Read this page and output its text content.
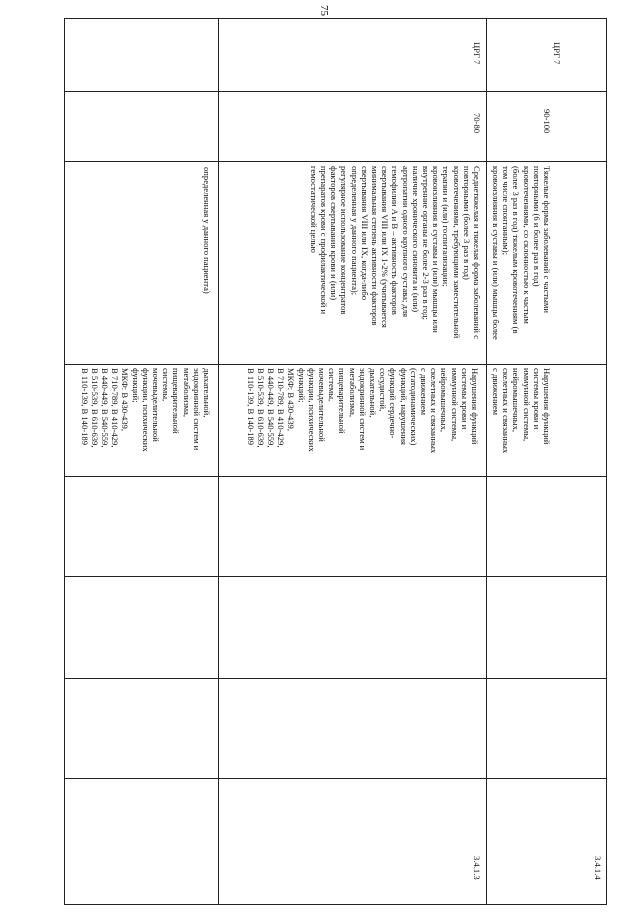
75
дыхательной,
эндокринной систем и
метаболизма,
пищеварительной
системы,
мочевыделительной
функции, психических
функций;
МКФ: B 430-439,
B 710-789, B 410-429,
B 440-449, B 540-559,
B 510-539, B 610-639,
B 110-139, B 140-189
определенная у данного пациента)
3.4.1.3
Нарушения функций
системы крови и
иммунной системы,
нейромышечных,
скелетных и связанных
с движением
(статодинамических)
функций, нарушения
функций сердечно-
сосудистой,
дыхательной,
эндокринной систем и
метаболизма,
пищеварительной
системы,
мочевыделительной
функции, психических
функций;
МКФ: B 430-439,
B 710-789, B 410-429,
B 440-449, B 540-559,
B 510-539, B 610-639,
B 110-139, B 140-189
Среднетяжелая и тяжелая форма заболеваний с
повторными (более 3 раз в год)
кровотечениями, требующими заместительной
терапии и (или) госпитализации;
кровоизлияния в суставы и (или) мышцы или
внутренние органы не более 2-3 раз в год;
наличие хронического синовита и (или)
артропатии одного крупного сустава; для
гемофилии A и B – активность факторов
свертывания VIII или IX 1-2% (учитывается
минимальная степень активности факторов
свертывания VIII или IX, когда-либо
определенная у данного пациента);
регулярное использование концентратов
факторов свертывания крови и (или)
препаратов крови с профилактической и
гемостатической целью
70-80
ЦРГ 7
3.4.1.4
Нарушения функций
системы крови и
иммунной системы,
нейромышечных,
скелетных и связанных
с движением
Тяжелые формы заболеваний с частыми
повторными (6 и более раз в год)
кровотечениями, со склонностью к частым
(более 3 раз в год) тяжелым кровотечениям (в
том числе спонтанным);
кровоизлияния в суставы и (или) мышцы более
90-100
ЦРГ 7
